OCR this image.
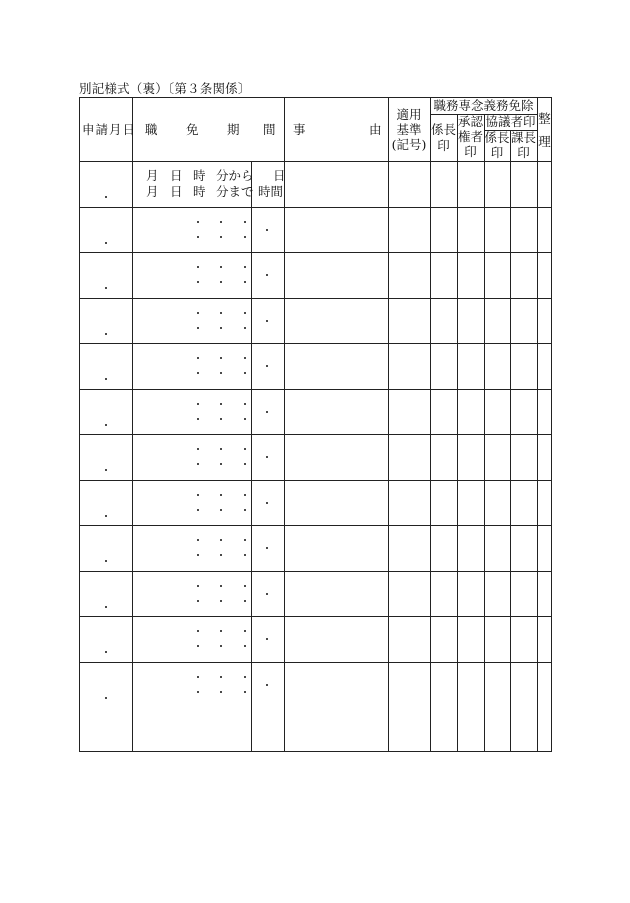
別記様式（裏）〔第３条関係〕
申請月日 職 免 期 間 事	由
適用
基準
(記号)
職務専念義務免除
係長
印
承認
権者
印
協議者印
係長
印
課長
印
整
理
月 日 時 分から
月 日 時 分まで
日
時間
